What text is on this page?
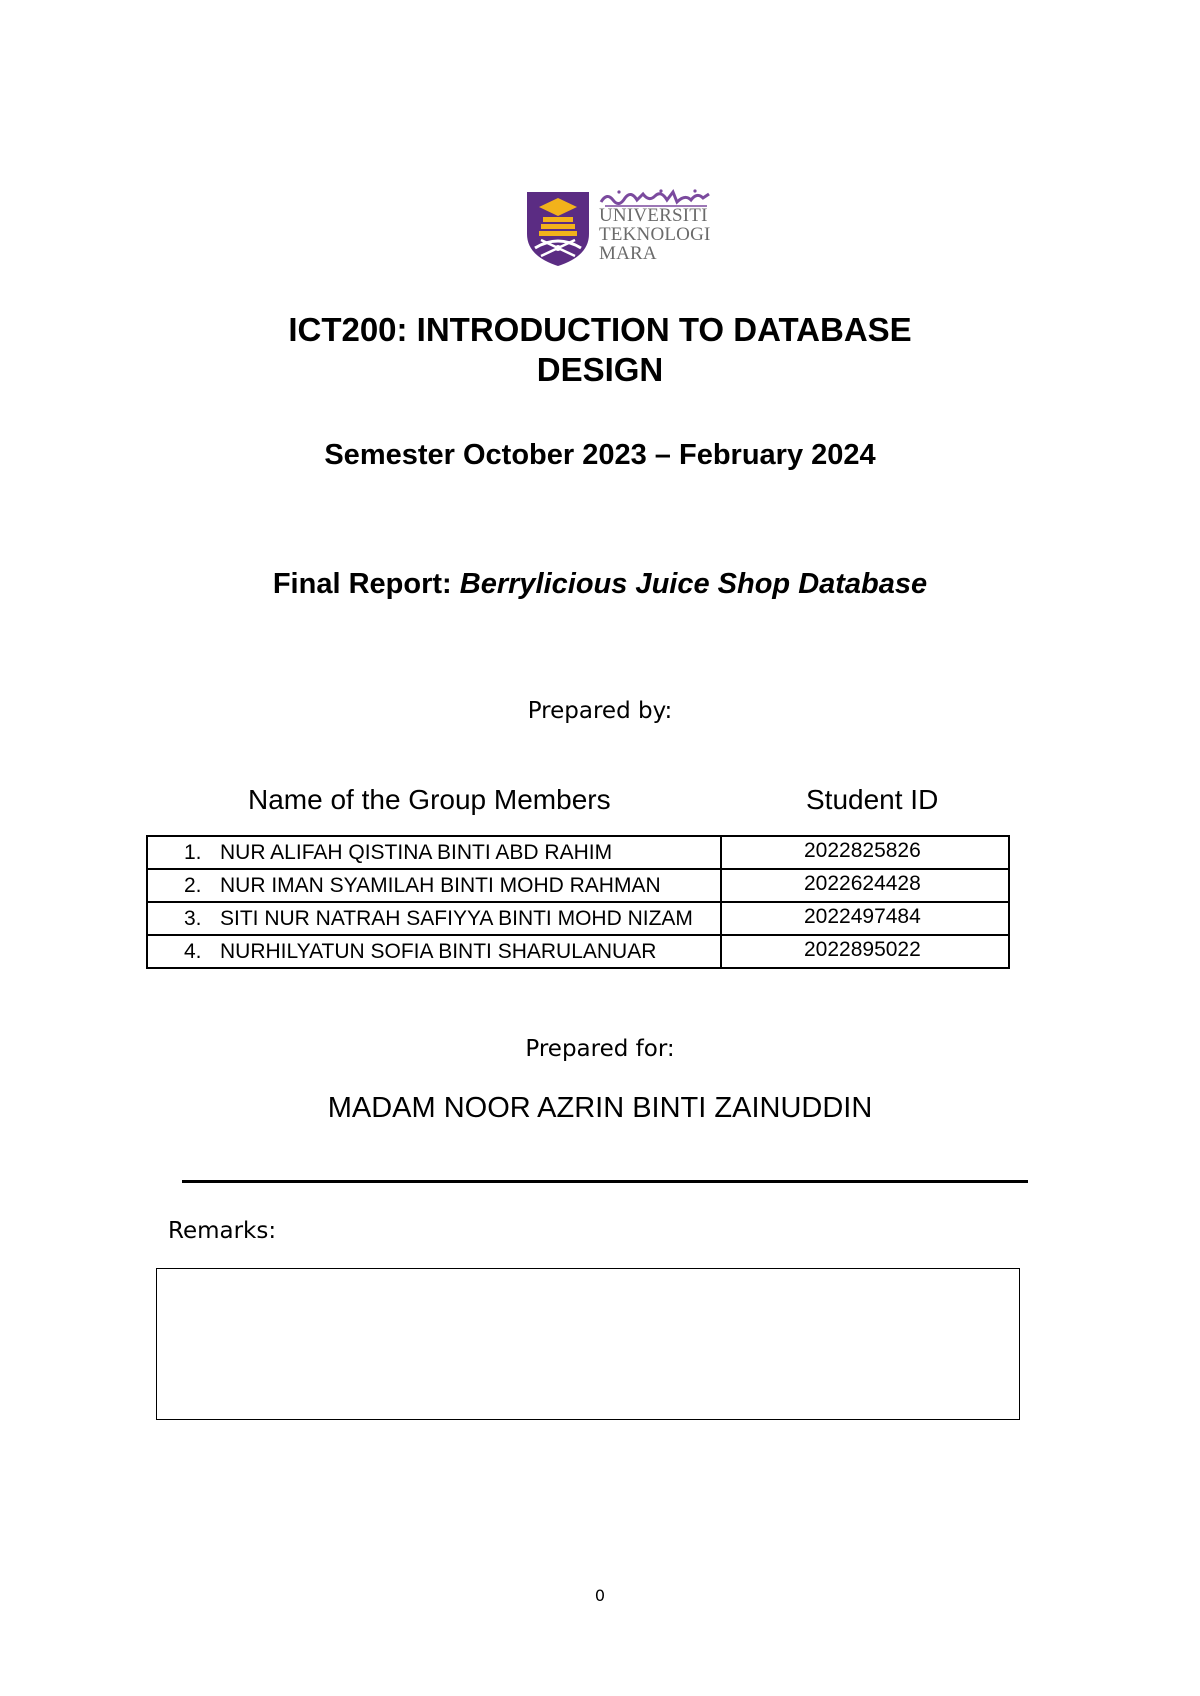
UNIVERSITI
TEKNOLOGI
MARA
ICT200: INTRODUCTION TO DATABASE DESIGN
Semester October 2023 – February 2024
Final Report: Berrylicious Juice Shop Database
Prepared by:
Name of the Group Members	Student ID
1. NUR ALIFAH QISTINA BINTI ABD RAHIM	2022825826
2. NUR IMAN SYAMILAH BINTI MOHD RAHMAN	2022624428
3. SITI NUR NATRAH SAFIYYA BINTI MOHD NIZAM	2022497484
4. NURHILYATUN SOFIA BINTI SHARULANUAR	2022895022
Prepared for:
MADAM NOOR AZRIN BINTI ZAINUDDIN
Remarks:
0
